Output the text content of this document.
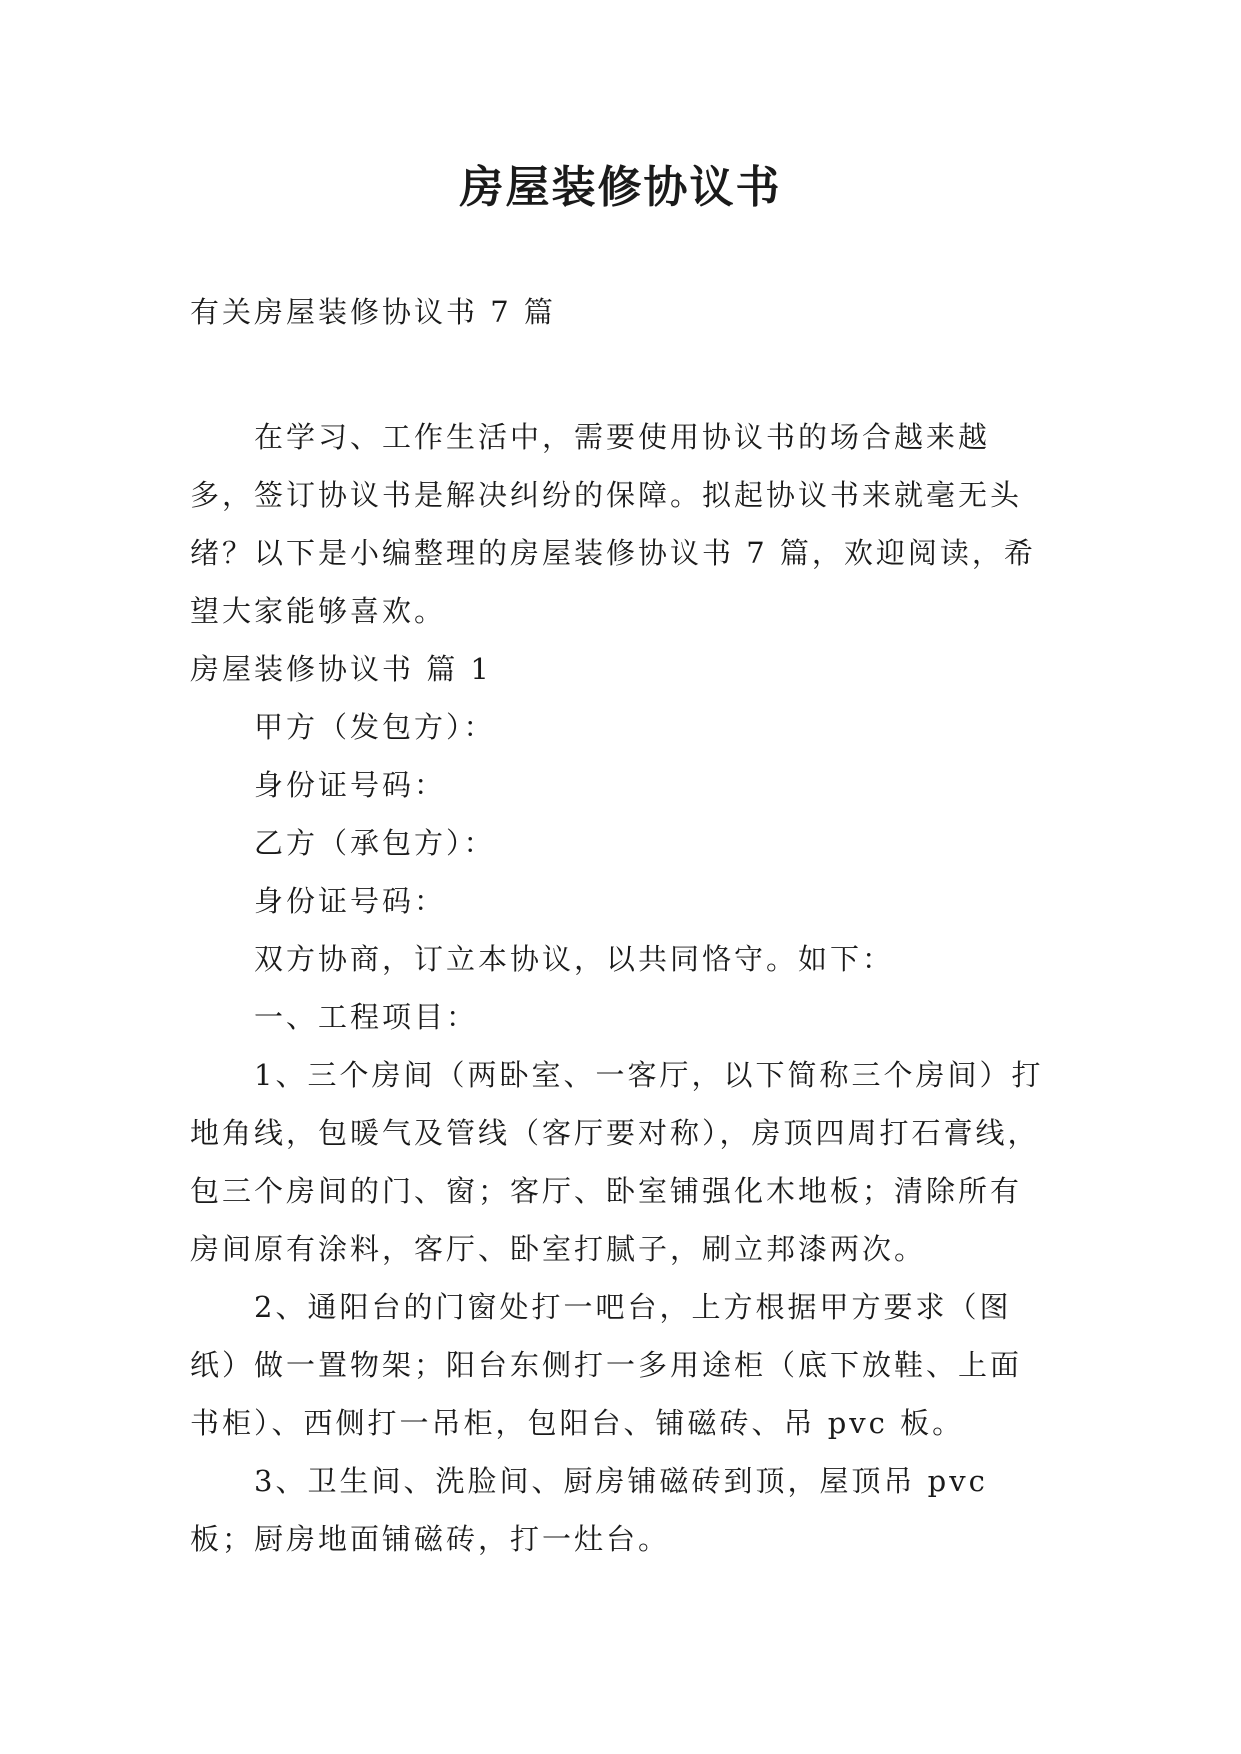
房屋装修协议书

有关房屋装修协议书 7 篇

在学习、工作生活中，需要使用协议书的场合越来越多，签订协议书是解决纠纷的保障。拟起协议书来就毫无头绪？以下是小编整理的房屋装修协议书 7 篇，欢迎阅读，希望大家能够喜欢。

房屋装修协议书 篇 1

甲方（发包方）：

身份证号码：

乙方（承包方）：

身份证号码：

双方协商，订立本协议，以共同恪守。如下：

一、工程项目：

1、三个房间（两卧室、一客厅，以下简称三个房间）打地角线，包暖气及管线（客厅要对称），房顶四周打石膏线，包三个房间的门、窗；客厅、卧室铺强化木地板；清除所有房间原有涂料，客厅、卧室打腻子，刷立邦漆两次。

2、通阳台的门窗处打一吧台，上方根据甲方要求（图纸）做一置物架；阳台东侧打一多用途柜（底下放鞋、上面书柜）、西侧打一吊柜，包阳台、铺磁砖、吊 pvc 板。

3、卫生间、洗脸间、厨房铺磁砖到顶，屋顶吊 pvc 板；厨房地面铺磁砖，打一灶台。
